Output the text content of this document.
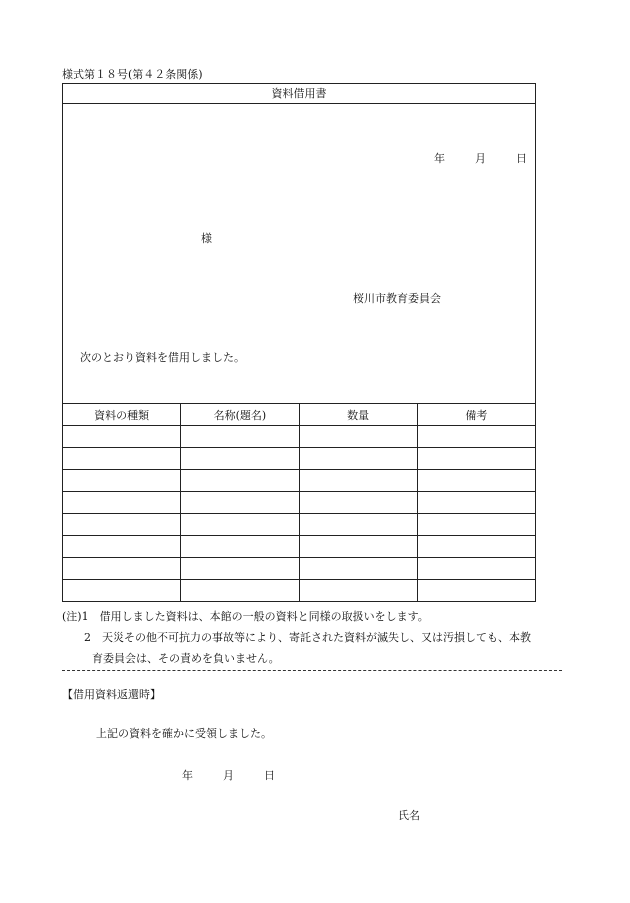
様式第１８号(第４２条関係)
資料借用書
年	月	日
様
桜川市教育委員会
次のとおり資料を借用しました。
資料の種類	名称(題名)	数量	備考

(注)1　 借用しました資料は、本館の一般の資料と同様の取扱いをします。
2　 天災その他不可抗力の事故等により、寄託された資料が滅失し、又は汚損しても、本教
育委員会は、その責めを負いません。
【借用資料返還時】
上記の資料を確かに受領しました。
年	月	日
氏名
